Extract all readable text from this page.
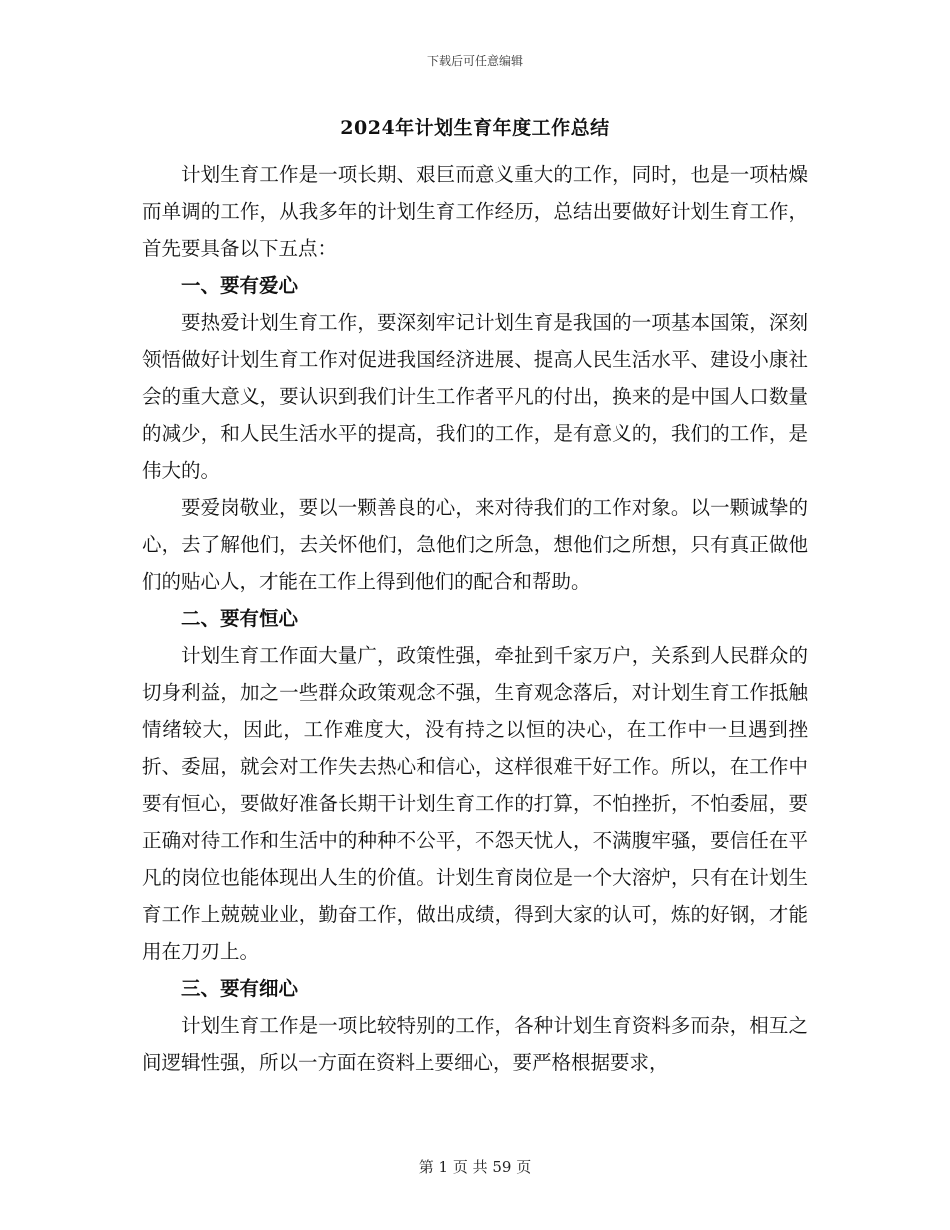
下载后可任意编辑
2024年计划生育年度工作总结

计划生育工作是一项长期、艰巨而意义重大的工作，同时，也是一项枯燥而单调的工作，从我多年的计划生育工作经历，总结出要做好计划生育工作，首先要具备以下五点：

一、要有爱心

要热爱计划生育工作，要深刻牢记计划生育是我国的一项基本国策，深刻领悟做好计划生育工作对促进我国经济进展、提高人民生活水平、建设小康社会的重大意义，要认识到我们计生工作者平凡的付出，换来的是中国人口数量的减少，和人民生活水平的提高，我们的工作，是有意义的，我们的工作，是伟大的。

要爱岗敬业，要以一颗善良的心，来对待我们的工作对象。以一颗诚挚的心，去了解他们，去关怀他们，急他们之所急，想他们之所想，只有真正做他们的贴心人，才能在工作上得到他们的配合和帮助。

二、要有恒心

计划生育工作面大量广，政策性强，牵扯到千家万户，关系到人民群众的切身利益，加之一些群众政策观念不强，生育观念落后，对计划生育工作抵触情绪较大，因此，工作难度大，没有持之以恒的决心，在工作中一旦遇到挫折、委屈，就会对工作失去热心和信心，这样很难干好工作。所以，在工作中要有恒心，要做好准备长期干计划生育工作的打算，不怕挫折，不怕委屈，要正确对待工作和生活中的种种不公平，不怨天忧人，不满腹牢骚，要信任在平凡的岗位也能体现出人生的价值。计划生育岗位是一个大溶炉，只有在计划生育工作上兢兢业业，勤奋工作，做出成绩，得到大家的认可，炼的好钢，才能用在刀刃上。

三、要有细心

计划生育工作是一项比较特别的工作，各种计划生育资料多而杂，相互之间逻辑性强，所以一方面在资料上要细心，要严格根据要求，

第 1 页 共 59 页
